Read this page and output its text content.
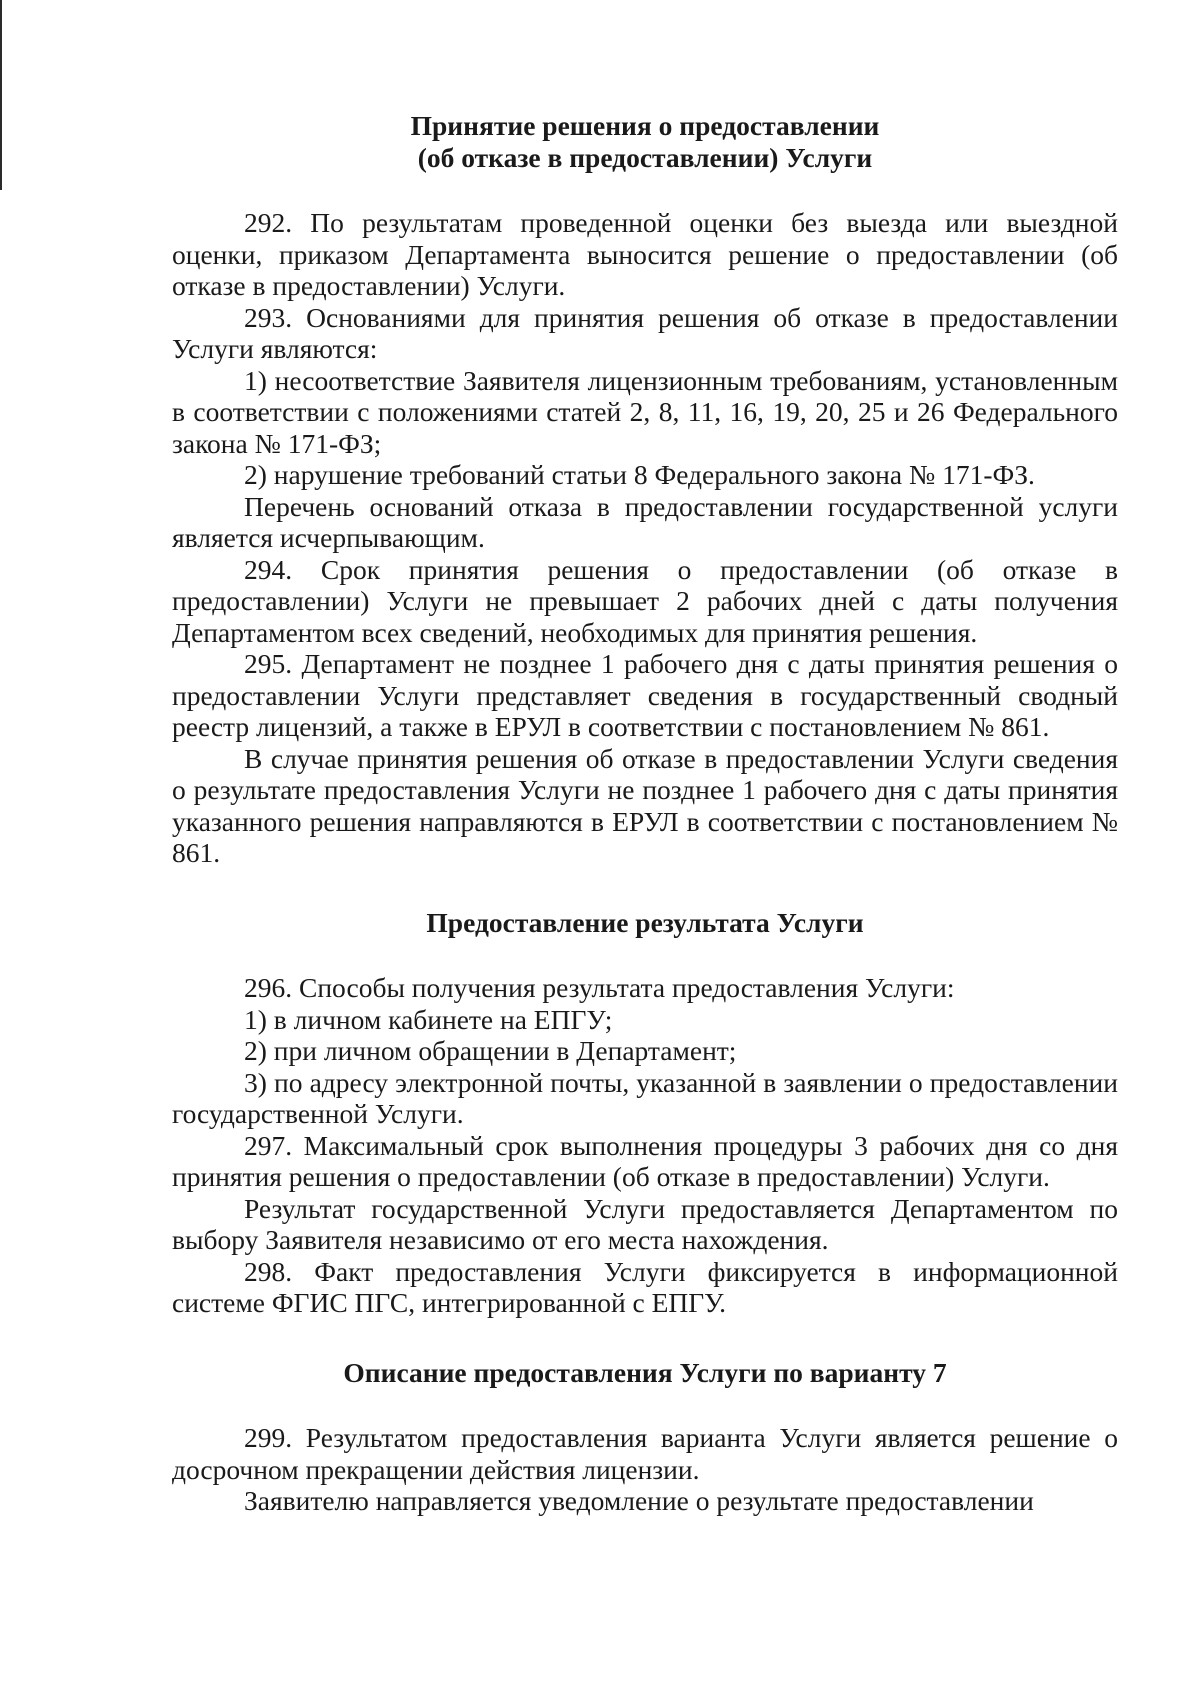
Принятие решения о предоставлении
(об отказе в предоставлении) Услуги

292. По результатам проведенной оценки без выезда или выездной оценки, приказом Департамента выносится решение о предоставлении (об отказе в предоставлении) Услуги.

293. Основаниями для принятия решения об отказе в предоставлении Услуги являются:

1) несоответствие Заявителя лицензионным требованиям, установленным в соответствии с положениями статей 2, 8, 11, 16, 19, 20, 25 и 26 Федерального закона № 171-ФЗ;

2) нарушение требований статьи 8 Федерального закона № 171-ФЗ.

Перечень оснований отказа в предоставлении государственной услуги является исчерпывающим.

294. Срок принятия решения о предоставлении (об отказе в предоставлении) Услуги не превышает 2 рабочих дней с даты получения Департаментом всех сведений, необходимых для принятия решения.

295. Департамент не позднее 1 рабочего дня с даты принятия решения о предоставлении Услуги представляет сведения в государственный сводный реестр лицензий, а также в ЕРУЛ в соответствии с постановлением № 861.

В случае принятия решения об отказе в предоставлении Услуги сведения о результате предоставления Услуги не позднее 1 рабочего дня с даты принятия указанного решения направляются в ЕРУЛ в соответствии с постановлением № 861.

Предоставление результата Услуги

296. Способы получения результата предоставления Услуги:

1) в личном кабинете на ЕПГУ;

2) при личном обращении в Департамент;

3) по адресу электронной почты, указанной в заявлении о предоставлении государственной Услуги.

297. Максимальный срок выполнения процедуры 3 рабочих дня со дня принятия решения о предоставлении (об отказе в предоставлении) Услуги.

Результат государственной Услуги предоставляется Департаментом по выбору Заявителя независимо от его места нахождения.

298. Факт предоставления Услуги фиксируется в информационной системе ФГИС ПГС, интегрированной с ЕПГУ.

Описание предоставления Услуги по варианту 7

299. Результатом предоставления варианта Услуги является решение о досрочном прекращении действия лицензии.

Заявителю направляется уведомление о результате предоставлении
